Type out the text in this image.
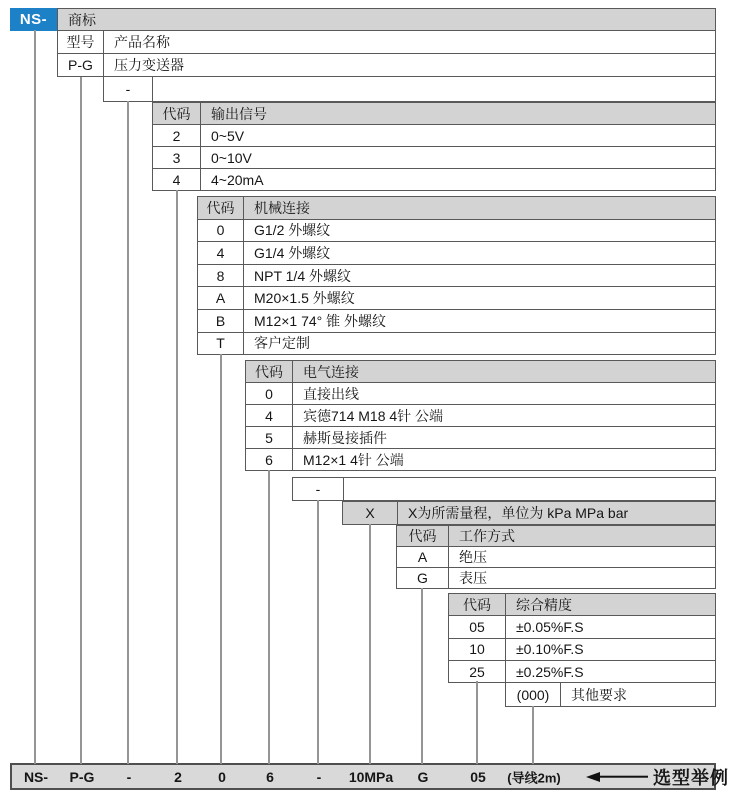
NS-	商标
选型举例
NS- P-G -	2	0	6	- 10MPa G	05 (导线2m)
型号	产品名称
P-G	压力变送器
-
代码	输出信号
2	0~5V
3	0~10V
4	4~20mA
代码	机械连接
0	G1/2 外螺纹
4	G1/4 外螺纹
8	NPT 1/4 外螺纹
A	M20×1.5 外螺纹
B	M12×1 74° 锥 外螺纹
T	客户定制
代码	电气连接
0	直接出线
4	宾德714 M18 4针 公端
5	赫斯曼接插件
6	M12×1 4针 公端
-
X	X为所需量程，单位为 kPa MPa bar
代码	工作方式
A	绝压
G	表压
代码	综合精度
05	±0.05%F.S
10	±0.10%F.S
25	±0.25%F.S
(000)	其他要求
